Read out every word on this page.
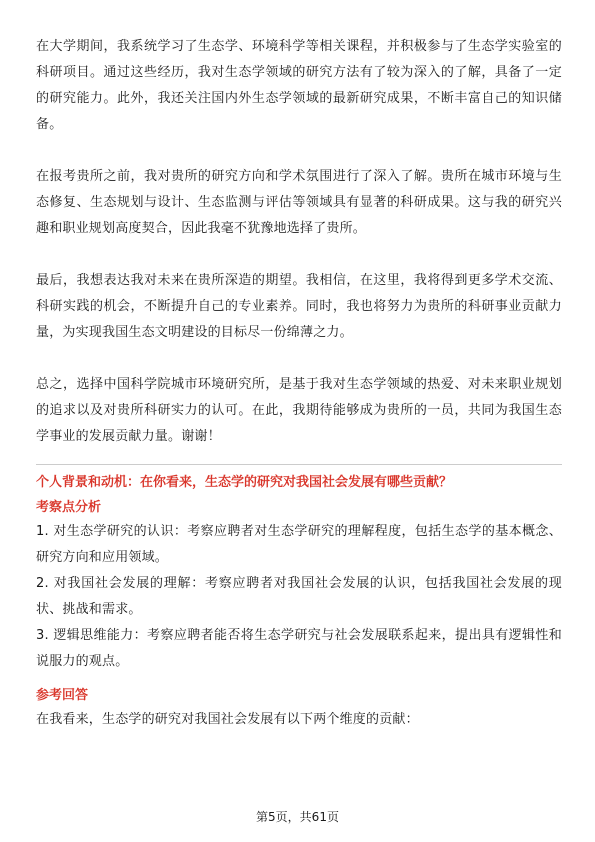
在大学期间，我系统学习了生态学、环境科学等相关课程，并积极参与了生态学实验室的科研项目。通过这些经历，我对生态学领域的研究方法有了较为深入的了解，具备了一定的研究能力。此外，我还关注国内外生态学领域的最新研究成果，不断丰富自己的知识储备。

在报考贵所之前，我对贵所的研究方向和学术氛围进行了深入了解。贵所在城市环境与生态修复、生态规划与设计、生态监测与评估等领域具有显著的科研成果。这与我的研究兴趣和职业规划高度契合，因此我毫不犹豫地选择了贵所。

最后，我想表达我对未来在贵所深造的期望。我相信，在这里，我将得到更多学术交流、科研实践的机会，不断提升自己的专业素养。同时，我也将努力为贵所的科研事业贡献力量，为实现我国生态文明建设的目标尽一份绵薄之力。

总之，选择中国科学院城市环境研究所，是基于我对生态学领域的热爱、对未来职业规划的追求以及对贵所科研实力的认可。在此，我期待能够成为贵所的一员，共同为我国生态学事业的发展贡献力量。谢谢！

个人背景和动机：在你看来，生态学的研究对我国社会发展有哪些贡献？

考察点分析

1. 对生态学研究的认识：考察应聘者对生态学研究的理解程度，包括生态学的基本概念、研究方向和应用领域。

2. 对我国社会发展的理解：考察应聘者对我国社会发展的认识，包括我国社会发展的现状、挑战和需求。

3. 逻辑思维能力：考察应聘者能否将生态学研究与社会发展联系起来，提出具有逻辑性和说服力的观点。

参考回答

在我看来，生态学的研究对我国社会发展有以下两个维度的贡献：

第5页，共61页
